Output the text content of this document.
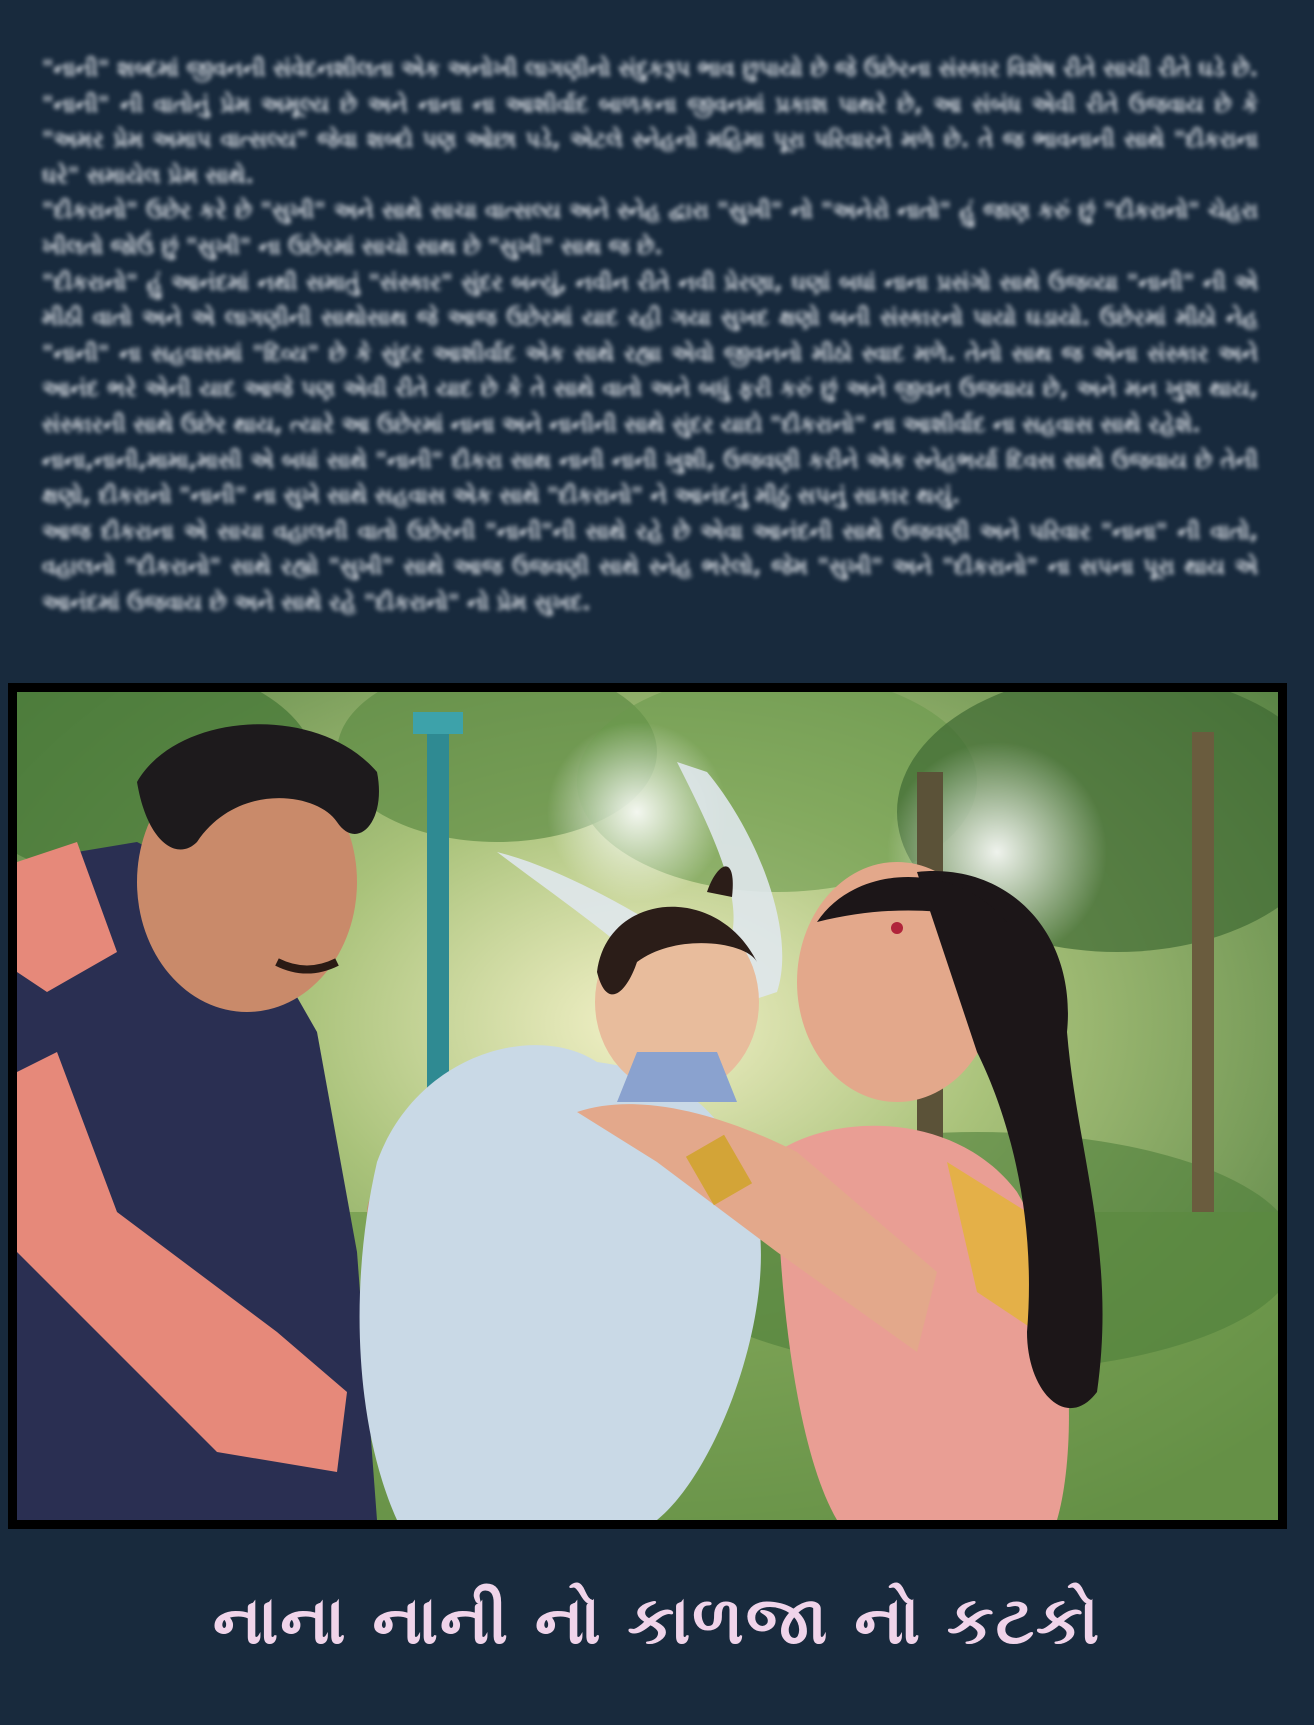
"નાની" શબ્દમાં જીવનની સંવેદનશીલતા એક અનોખી લાગણીનો સંદુકરૂપ ભાવ છુપાયો છે જે ઉછેરના સંસ્કાર વિશેષ રીતે સાચી રીતે ઘડે છે. "નાની" ની વાતોનું પ્રેમ અમૂલ્ય છે અને નાના ના આશીર્વાદ બાળકના જીવનમાં પ્રકાશ પાથરે છે, આ સંબંધ એવી રીતે ઉજવાય છે કે "અમર પ્રેમ અમાપ વાત્સલ્ય" જેવા શબ્દો પણ ઓછા પડે, એટલે સ્નેહનો મહિમા પૂરા પરિવારને મળે છે. તે જ ભાવનાની સાથે "દીકરાના ઘરે" સમાયેલ પ્રેમ સાથે.

"દીકરાનો" ઉછેર કરે છે "સુખી" અને સાથે સાચા વાત્સલ્ય અને સ્નેહ દ્વારા "સુખી" નો "અનેરો નાતો" હું જાણ કરું છું "દીકરાનો" ચેહરા ખીલતો જોઉં છું "સુખી" ના ઉછેરમાં સાચો સાથ છે "સુખી" સાથ જ છે.

"દીકરાનો" હું આનંદમાં નથી સમાતું "સંસ્કાર" સુંદર બન્યું, નવીન રીતે નવી પ્રેરણા, ઘણાં બધાં નાના પ્રસંગો સાથે ઉજવ્યા "નાની" ની એ મીઠી વાતો અને એ લાગણીની સાથોસાથ જે આજ ઉછેરમાં યાદ રહી ગયા સુખદ ક્ષણો બની સંસ્કારનો પાયો ઘડાયો. ઉછેરમાં મીઠો નેહ "નાની" ના સહવાસમાં "દિવ્ય" છે કે સુંદર આશીર્વાદ એક સાથે રહ્યા એવો જીવનનો મીઠો સ્વાદ મળે. તેનો સાથ જ એના સંસ્કાર અને આનંદ ભરે એની યાદ આજે પણ એવી રીતે યાદ છે કે તે સાથે વાતો અને બધું ફરી કરું છું અને જીવન ઉજવાય છે, અને મન ખુશ થાય, સંસ્કારની સાથે ઉછેર થાય, ત્યારે આ ઉછેરમાં નાના અને નાનીની સાથે સુંદર યાદો "દીકરાનો" ના આશીર્વાદ ના સહવાસ સાથે રહેશે.

નાના,નાની,મામા,માસી એ બધાં સાથે "નાની" દીકરા સાથ નાની નાની ખુશી, ઉજવણી કરીને એક સ્નેહભર્યા દિવસ સાથે ઉજવાય છે તેની ક્ષણો, દીકરાનો "નાની" ના સુખે સાથે સહવાસ એક સાથે "દીકરાનો" ને આનંદનું મીઠું સપનું સાકાર થયું.

આજ દીકરાના એ સાચા વહાલની વાતો ઉછેરની "નાની"ની સાથે રહે છે એવા આનંદની સાથે ઉજવણી અને પરિવાર "નાના" ની વાતો, વહાલનો "દીકરાનો" સાથે રહ્યો "સુખી" સાથે આજ ઉજવણી સાથે સ્નેહ ભરેલો, જેમ "સુખી" અને "દીકરાનો" ના સપના પૂરા થાય એ આનંદમાં ઉજવાય છે અને સાથે રહે "દીકરાનો" નો પ્રેમ સુખદ.

નાના નાની નો કાળજા નો કટકો
